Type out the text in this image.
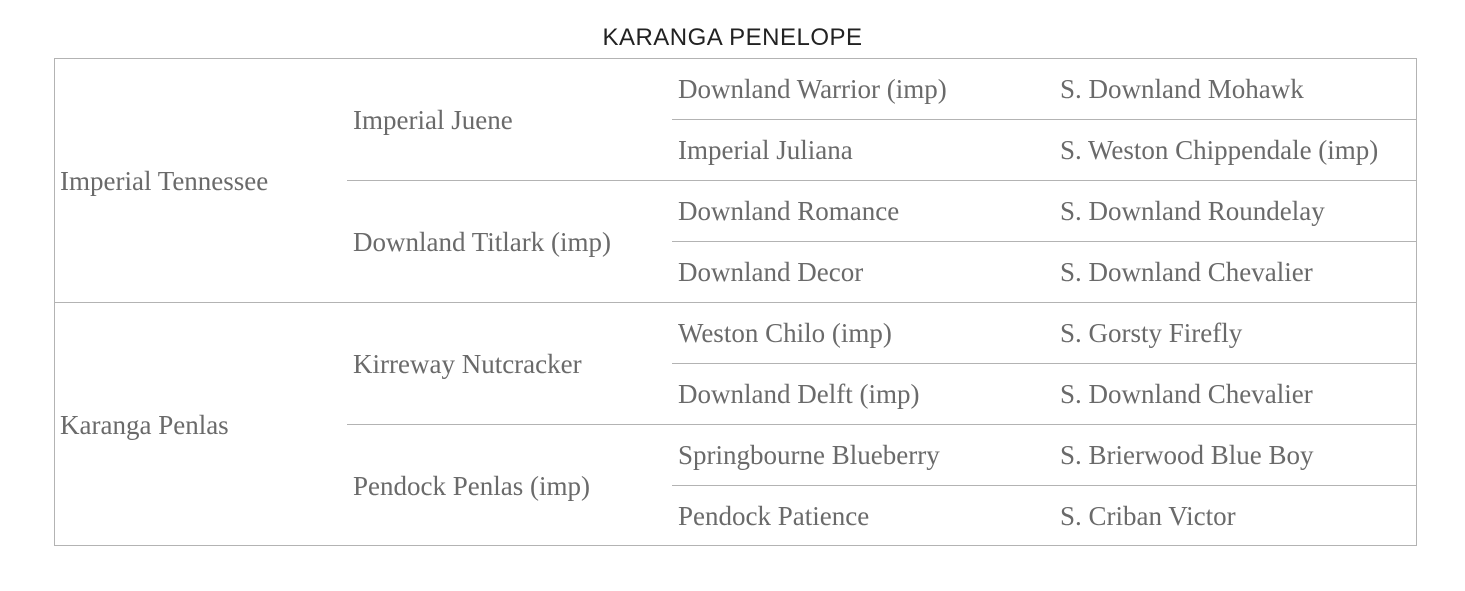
KARANGA PENELOPE
Imperial Tennessee
Karanga Penlas
Imperial Juene
Downland Titlark (imp)
Kirreway Nutcracker
Pendock Penlas (imp)
Downland Warrior (imp)
Imperial Juliana
Downland Romance
Downland Decor
Weston Chilo (imp)
Downland Delft (imp)
Springbourne Blueberry
Pendock Patience
S. Downland Mohawk
S. Weston Chippendale (imp)
S. Downland Roundelay
S. Downland Chevalier
S. Gorsty Firefly
S. Downland Chevalier
S. Brierwood Blue Boy
S. Criban Victor
